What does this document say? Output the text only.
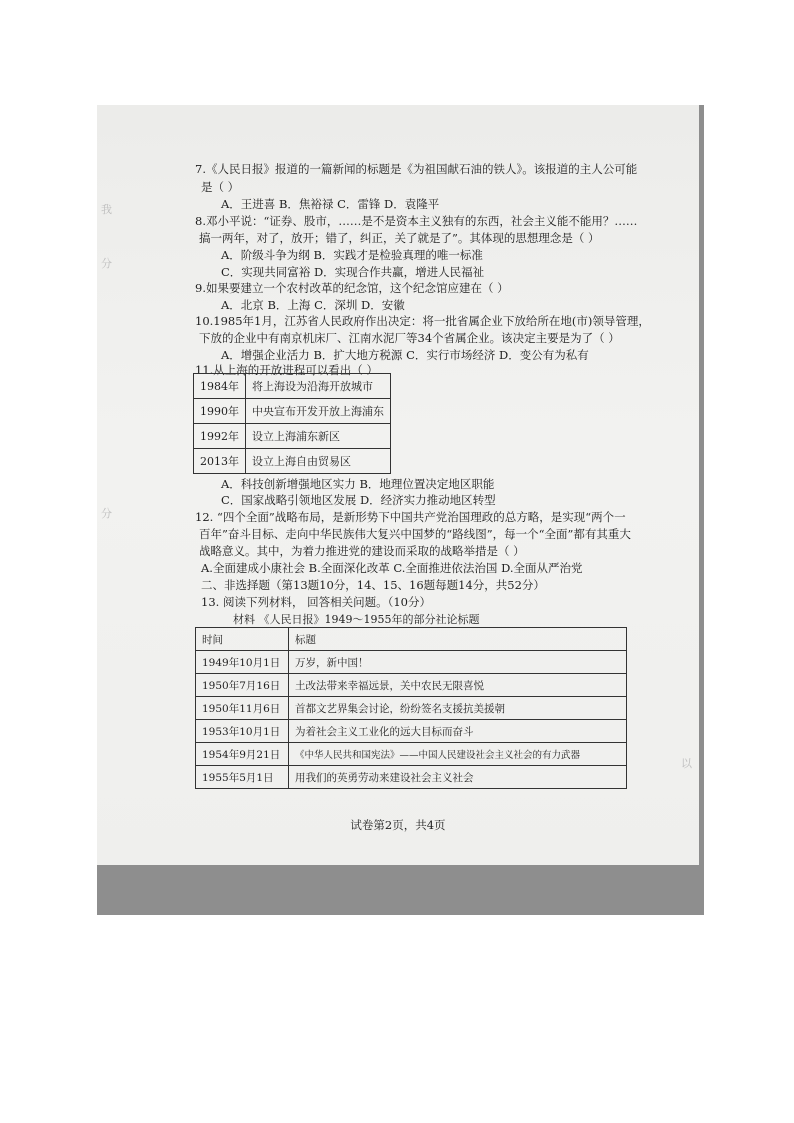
我
分
分
以
7.《人民日报》报道的一篇新闻的标题是《为祖国献石油的铁人》。该报道的主人公可能
是（ ）
A．王进喜 B．焦裕禄 C．雷锋 D．袁隆平
8.邓小平说：“证券、股市，……是不是资本主义独有的东西，社会主义能不能用？……
搞一两年，对了，放开；错了，纠正，关了就是了”。其体现的思想理念是（ ）
A．阶级斗争为纲 B．实践才是检验真理的唯一标准
C．实现共同富裕 D．实现合作共赢，增进人民福祉
9.如果要建立一个农村改革的纪念馆，这个纪念馆应建在（ ）
A．北京 B．上海 C．深圳 D．安徽
10.1985年1月，江苏省人民政府作出决定：将一批省属企业下放给所在地(市)领导管理，
下放的企业中有南京机床厂、江南水泥厂等34个省属企业。该决定主要是为了（ ）
A．增强企业活力 B．扩大地方税源 C．实行市场经济 D．变公有为私有
11.从上海的开放进程可以看出（ ）
1984年	将上海设为沿海开放城市
1990年	中央宣布开发开放上海浦东
1992年	设立上海浦东新区
2013年	设立上海自由贸易区
A．科技创新增强地区实力 B．地理位置决定地区职能
C．国家战略引领地区发展 D．经济实力推动地区转型
12. “四个全面”战略布局，是新形势下中国共产党治国理政的总方略，是实现“两个一
百年”奋斗目标、走向中华民族伟大复兴中国梦的“路线图”，每一个“全面”都有其重大
战略意义。其中，为着力推进党的建设而采取的战略举措是（ ）
A.全面建成小康社会 B.全面深化改革 C.全面推进依法治国 D.全面从严治党
二、非选择题（第13题10分，14、15、16题每题14分，共52分）
13. 阅读下列材料， 回答相关问题。（10分）
材料 《人民日报》1949～1955年的部分社论标题
时间	标题
1949年10月1日	万岁，新中国！
1950年7月16日	土改法带来幸福远景，关中农民无限喜悦
1950年11月6日	首都文艺界集会讨论，纷纷签名支援抗美援朝
1953年10月1日	为着社会主义工业化的远大目标而奋斗
1954年9月21日	《中华人民共和国宪法》——中国人民建设社会主义社会的有力武器
1955年5月1日	用我们的英勇劳动来建设社会主义社会
试卷第2页，共4页
